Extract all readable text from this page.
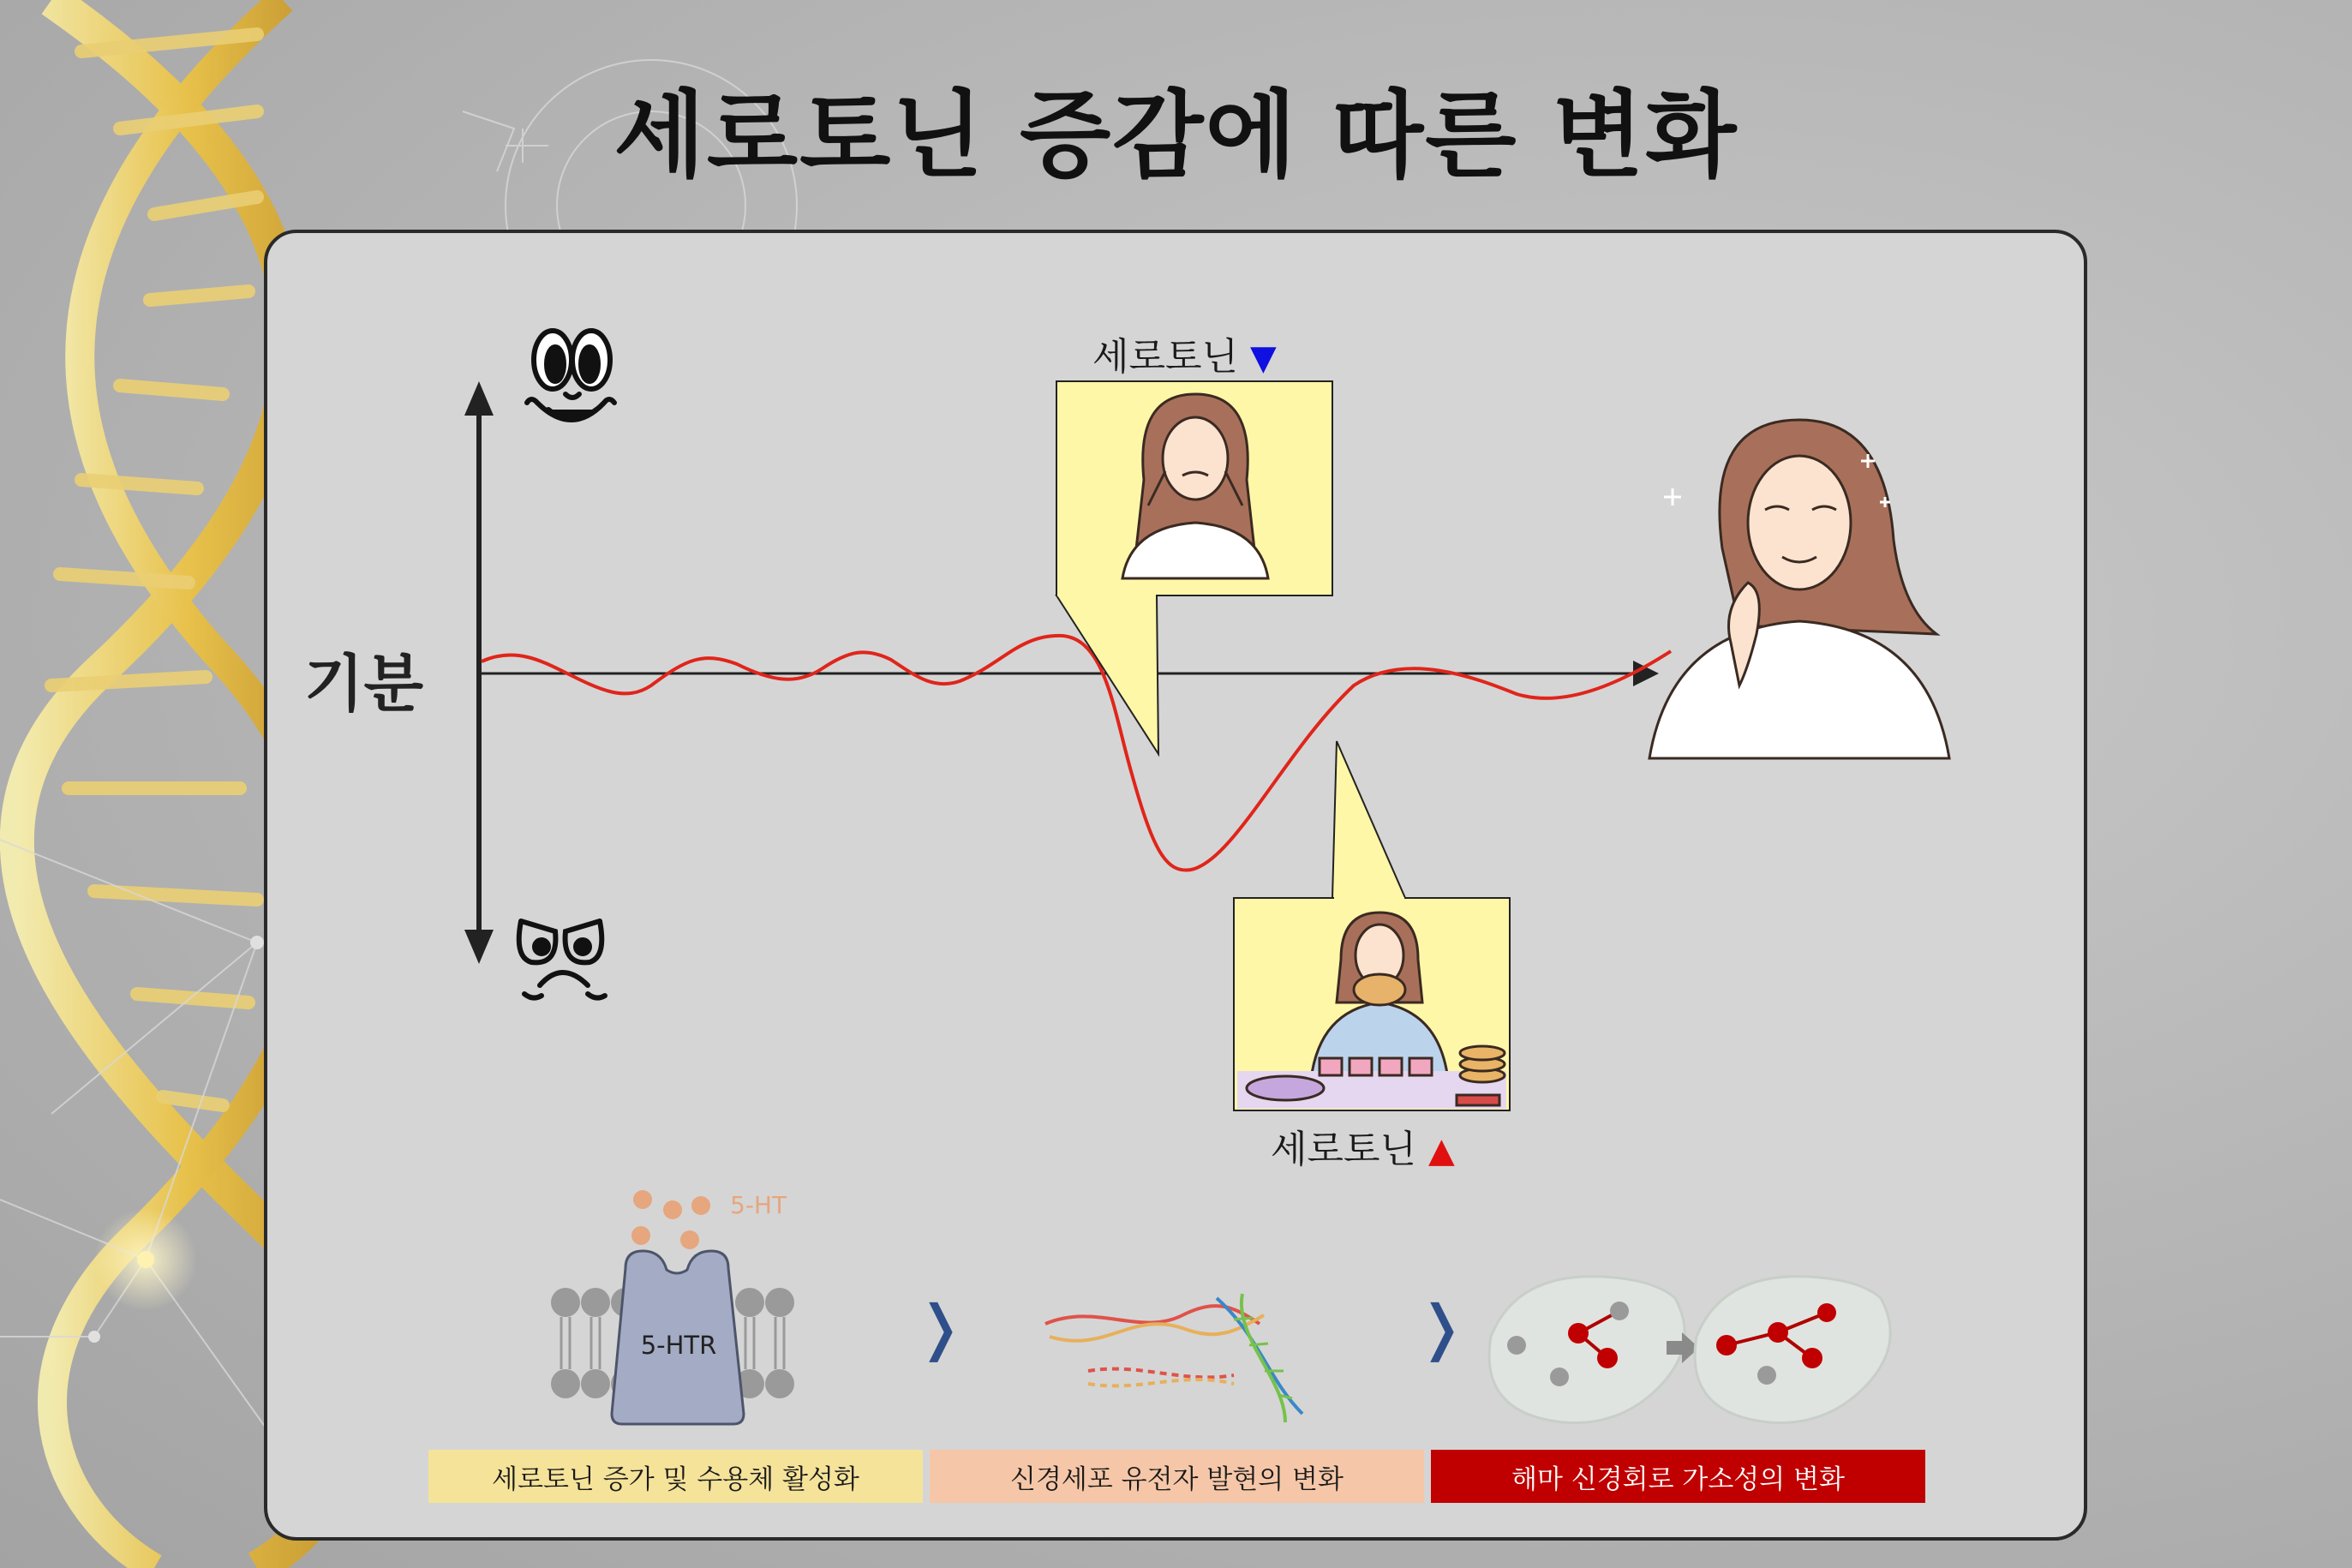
세로토닌 증감에 따른 변화
기분
세로토닌 ▼
세로토닌 ▲
5-HT
5-HTR	❭	❭
세로토닌 증가 및 수용체 활성화	신경세포 유전자 발현의 변화	해마 신경회로 가소성의 변화
